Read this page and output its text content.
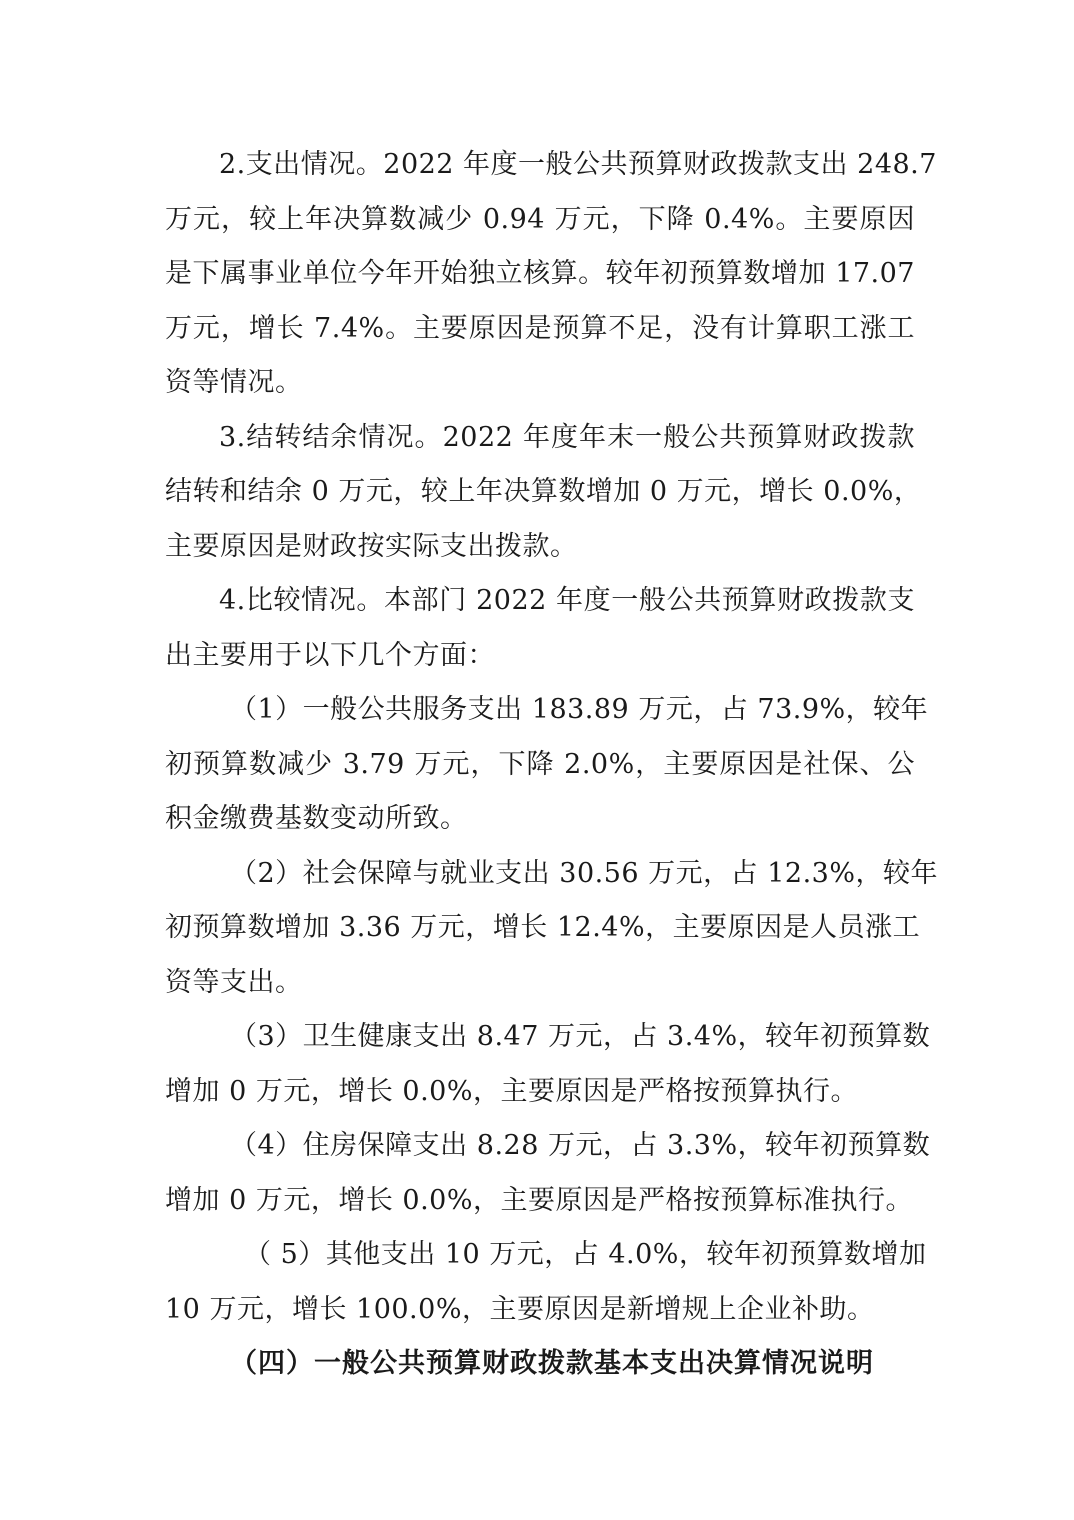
2.支出情况。2022 年度一般公共预算财政拨款支出 248.7
万元，较上年决算数减少 0.94 万元，下降 0.4%。主要原因
是下属事业单位今年开始独立核算。较年初预算数增加 17.07
万元，增长 7.4%。主要原因是预算不足，没有计算职工涨工
资等情况。
3.结转结余情况。2022 年度年末一般公共预算财政拨款
结转和结余 0 万元，较上年决算数增加 0 万元，增长 0.0%，
主要原因是财政按实际支出拨款。
4.比较情况。本部门 2022 年度一般公共预算财政拨款支
出主要用于以下几个方面：
（1）一般公共服务支出 183.89 万元，占 73.9%，较年
初预算数减少 3.79 万元，下降 2.0%，主要原因是社保、公
积金缴费基数变动所致。
（2）社会保障与就业支出 30.56 万元，占 12.3%，较年
初预算数增加 3.36 万元，增长 12.4%，主要原因是人员涨工
资等支出。
（3）卫生健康支出 8.47 万元，占 3.4%，较年初预算数
增加 0 万元，增长 0.0%，主要原因是严格按预算执行。
（4）住房保障支出 8.28 万元，占 3.3%，较年初预算数
增加 0 万元，增长 0.0%，主要原因是严格按预算标准执行。
（ 5）其他支出 10 万元，占 4.0%，较年初预算数增加
10 万元，增长 100.0%，主要原因是新增规上企业补助。
（四）一般公共预算财政拨款基本支出决算情况说明
